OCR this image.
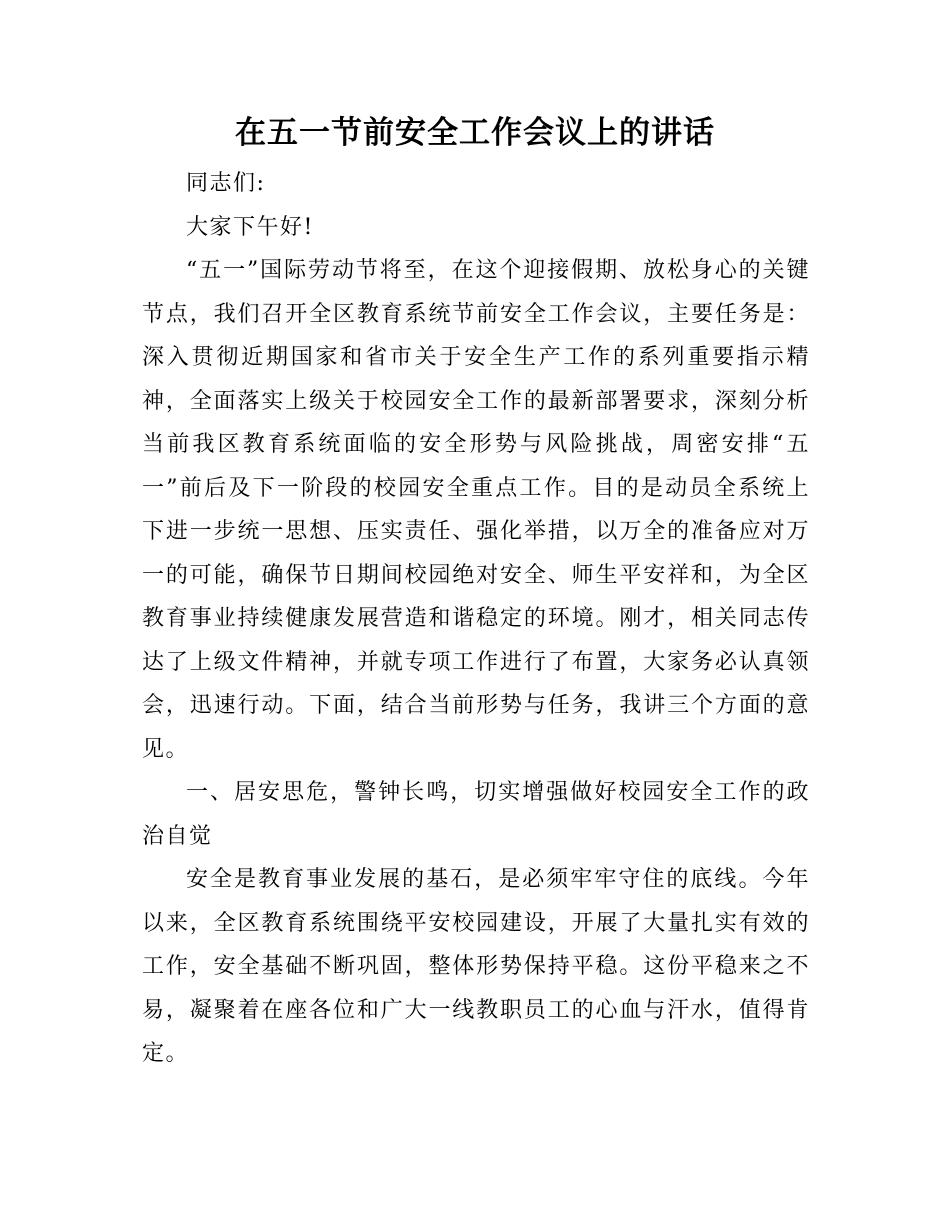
在五一节前安全工作会议上的讲话

同志们:

大家下午好!

“五一”国际劳动节将至，在这个迎接假期、放松身心的关键节点，我们召开全区教育系统节前安全工作会议，主要任务是：深入贯彻近期国家和省市关于安全生产工作的系列重要指示精神，全面落实上级关于校园安全工作的最新部署要求，深刻分析当前我区教育系统面临的安全形势与风险挑战，周密安排“五一”前后及下一阶段的校园安全重点工作。目的是动员全系统上下进一步统一思想、压实责任、强化举措，以万全的准备应对万一的可能，确保节日期间校园绝对安全、师生平安祥和，为全区教育事业持续健康发展营造和谐稳定的环境。刚才，相关同志传达了上级文件精神，并就专项工作进行了布置，大家务必认真领会，迅速行动。下面，结合当前形势与任务，我讲三个方面的意见。

一、居安思危，警钟长鸣，切实增强做好校园安全工作的政治自觉

安全是教育事业发展的基石，是必须牢牢守住的底线。今年以来，全区教育系统围绕平安校园建设，开展了大量扎实有效的工作，安全基础不断巩固，整体形势保持平稳。这份平稳来之不易，凝聚着在座各位和广大一线教职员工的心血与汗水，值得肯定。
